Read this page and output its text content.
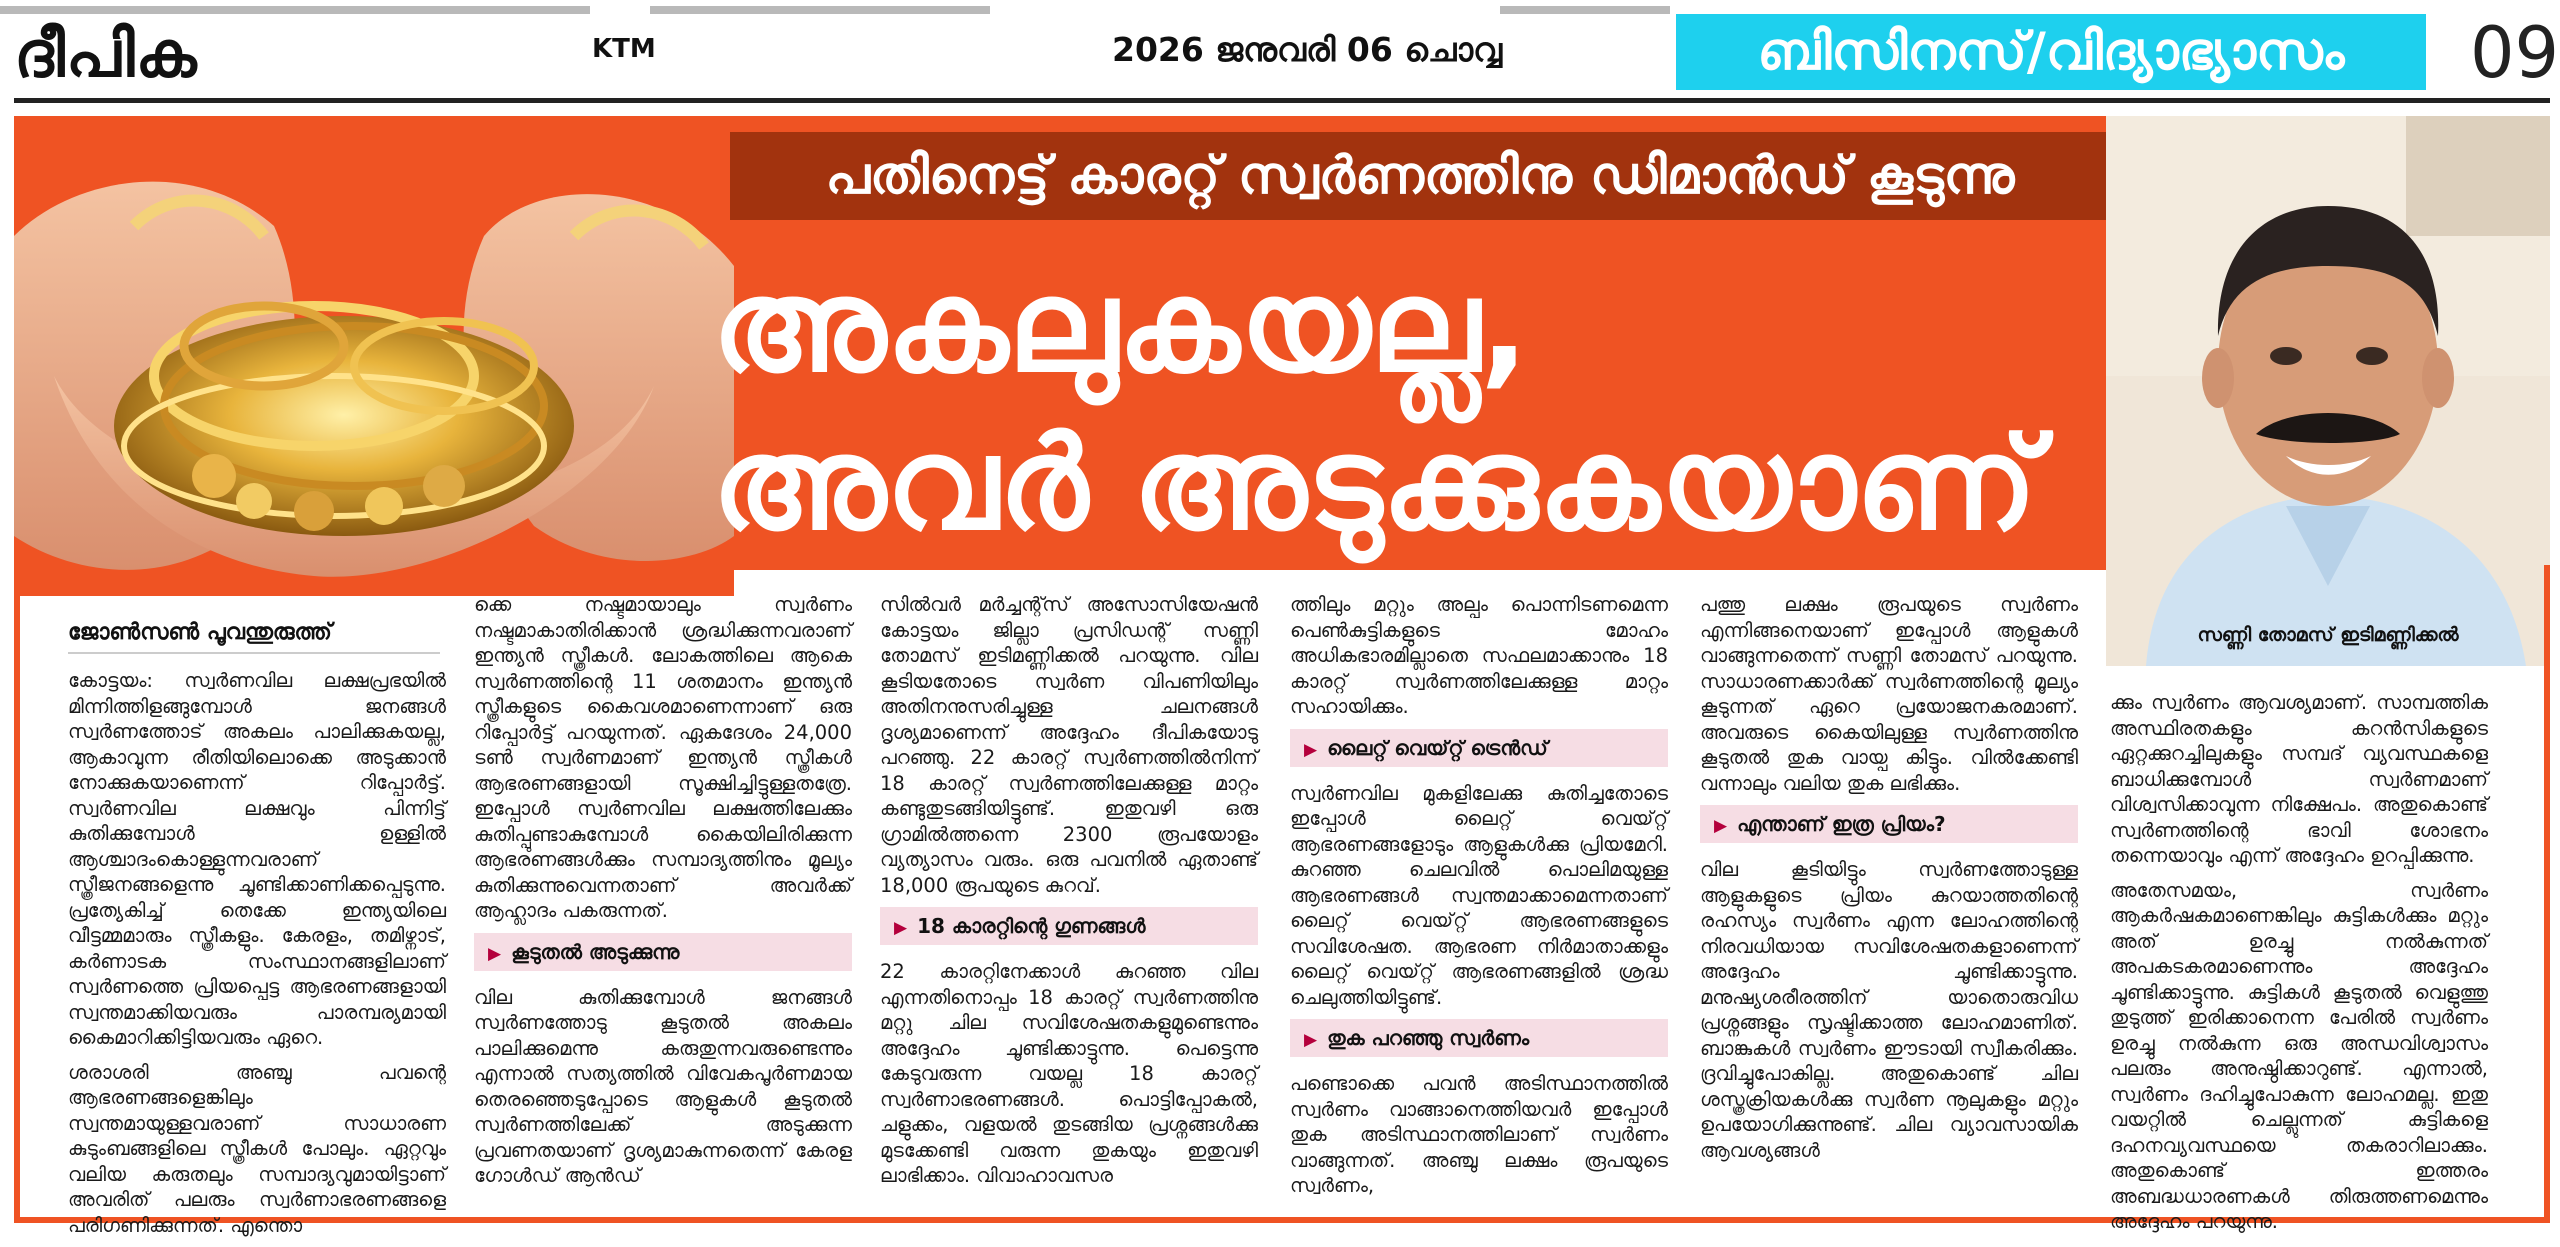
ദീപിക	KTM	2026 ജനുവരി 06 ചൊവ്വ	ബിസിനസ്/വിദ്യാഭ്യാസം	09
പതിനെട്ട് കാരറ്റ് സ്വർണത്തിനു ഡിമാൻഡ് കൂടുന്നു
അകലുകയല്ല,
അവർ അടുക്കുകയാണ്
സണ്ണി തോമസ് ഇടിമണ്ണിക്കൽ
ജോൺസൺ പൂവന്തുരുത്ത്

കോട്ടയം: സ്വർണവില ലക്ഷപ്രഭയിൽ മിന്നിത്തിളങ്ങുമ്പോൾ ജനങ്ങൾ സ്വർണത്തോട് അകലം പാലിക്കുകയല്ല, ആകാവുന്ന രീതിയിലൊക്കെ അടുക്കാൻ നോക്കുകയാണെന്ന് റിപ്പോർട്ട്. സ്വർണവില ലക്ഷവും പിന്നിട്ട് കുതിക്കുമ്പോൾ ഉള്ളിൽ ആശ്ചാദംകൊള്ളുന്നവരാണ് സ്ത്രീജനങ്ങളെന്നു ചൂണ്ടിക്കാണിക്കപ്പെടുന്നു. പ്രത്യേകിച്ച് തെക്കേ ഇന്ത്യയിലെ വീട്ടമ്മമാരും സ്ത്രീകളും. കേരളം, തമിഴ്നാട്, കർണാടക സംസ്ഥാനങ്ങളിലാണ് സ്വർണത്തെ പ്രിയപ്പെട്ട ആഭരണങ്ങളായി സ്വന്തമാക്കിയവരും പാരമ്പര്യമായി കൈമാറിക്കിട്ടിയവരും ഏറെ.

ശരാശരി അഞ്ചു പവന്റെ ആഭരണങ്ങളെങ്കിലും സ്വന്തമായുള്ളവരാണ് സാധാരണ കുടുംബങ്ങളിലെ സ്ത്രീകൾ പോലും. ഏറ്റവും വലിയ കരുതലും സമ്പാദ്യവുമായിട്ടാണ് അവരിത് പലരും സ്വർണാഭരണങ്ങളെ പരിഗണിക്കുന്നത്. എന്തൊ

ക്കെ നഷ്ടമായാലും സ്വർണം നഷ്ടമാകാതിരിക്കാൻ ശ്രദ്ധിക്കുന്നവരാണ് ഇന്ത്യൻ സ്ത്രീകൾ. ലോകത്തിലെ ആകെ സ്വർണത്തിന്റെ 11 ശതമാനം ഇന്ത്യൻ സ്ത്രീകളുടെ കൈവശമാണെന്നാണ് ഒരു റിപ്പോർട്ട് പറയുന്നത്. ഏകദേശം 24,000 ടൺ സ്വർണമാണ് ഇന്ത്യൻ സ്ത്രീകൾ ആഭരണങ്ങളായി സൂക്ഷിച്ചിട്ടുള്ളതത്രേ. ഇപ്പോൾ സ്വർണവില ലക്ഷത്തിലേക്കും കുതിപ്പുണ്ടാകുമ്പോൾ കൈയിലിരിക്കുന്ന ആഭരണങ്ങൾക്കും സമ്പാദ്യത്തിനും മൂല്യം കുതിക്കുന്നുവെന്നതാണ് അവർക്ക് ആഹ്ലാദം പകരുന്നത്.

▶ കൂടുതൽ അടുക്കുന്നു

വില കുതിക്കുമ്പോൾ ജനങ്ങൾ സ്വർണത്തോടു കൂടുതൽ അകലം പാലിക്കുമെന്നു കരുതുന്നവരുണ്ടെന്നും എന്നാൽ സത്യത്തിൽ വിവേകപൂർണമായ തെരഞ്ഞെടുപ്പോടെ ആളുകൾ കൂടുതൽ സ്വർണത്തിലേക്ക് അടുക്കുന്ന പ്രവണതയാണ് ദൃശ്യമാകുന്നതെന്ന് കേരള ഗോൾഡ് ആൻഡ്

സിൽവർ മർച്ചന്റ്സ് അസോസിയേഷൻ കോട്ടയം ജില്ലാ പ്രസിഡന്റ് സണ്ണി തോമസ് ഇടിമണ്ണിക്കൽ പറയുന്നു. വില കൂടിയതോടെ സ്വർണ വിപണിയിലും അതിനനുസരിച്ചുള്ള ചലനങ്ങൾ ദൃശ്യമാണെന്ന് അദ്ദേഹം ദീപികയോടു പറഞ്ഞു. 22 കാരറ്റ് സ്വർണത്തിൽനിന്ന് 18 കാരറ്റ് സ്വർണത്തിലേക്കുള്ള മാറ്റം കണ്ടുതുടങ്ങിയിട്ടുണ്ട്. ഇതുവഴി ഒരു ഗ്രാമിൽത്തന്നെ 2300 രൂപയോളം വ്യത്യാസം വരും. ഒരു പവനിൽ ഏതാണ്ട് 18,000 രൂപയുടെ കുറവ്.

▶ 18 കാരറ്റിന്റെ ഗുണങ്ങൾ

22 കാരറ്റിനേക്കാൾ കുറഞ്ഞ വില എന്നതിനൊപ്പം 18 കാരറ്റ് സ്വർണത്തിനു മറ്റു ചില സവിശേഷതകളുമുണ്ടെന്നും അദ്ദേഹം ചൂണ്ടിക്കാട്ടുന്നു. പെട്ടെന്നു കേടുവരുന്ന വയല്ല 18 കാരറ്റ് സ്വർണാഭരണങ്ങൾ. പൊട്ടിപ്പോകൽ, ചളുക്കം, വളയൽ തുടങ്ങിയ പ്രശ്നങ്ങൾക്കു മുടക്കേണ്ടി വരുന്ന തുകയും ഇതുവഴി ലാഭിക്കാം. വിവാഹാവസര

ത്തിലും മറ്റും അല്പം പൊന്നിടണമെന്ന പെൺകുട്ടികളുടെ മോഹം അധികഭാരമില്ലാതെ സഫലമാക്കാനും 18 കാരറ്റ് സ്വർണത്തിലേക്കുള്ള മാറ്റം സഹായിക്കും.

▶ ലൈറ്റ് വെയ്റ്റ് ട്രെൻഡ്

സ്വർണവില മുകളിലേക്കു കുതിച്ചതോടെ ഇപ്പോൾ ലൈറ്റ് വെയ്റ്റ് ആഭരണങ്ങളോടും ആളുകൾക്കു പ്രിയമേറി. കുറഞ്ഞ ചെലവിൽ പൊലിമയുള്ള ആഭരണങ്ങൾ സ്വന്തമാക്കാമെന്നതാണ് ലൈറ്റ് വെയ്റ്റ് ആഭരണങ്ങളുടെ സവിശേഷത. ആഭരണ നിർമാതാക്കളും ലൈറ്റ് വെയ്റ്റ് ആഭരണങ്ങളിൽ ശ്രദ്ധ ചെലുത്തിയിട്ടുണ്ട്.

▶ തുക പറഞ്ഞു സ്വർണം

പണ്ടൊക്കെ പവൻ അടിസ്ഥാനത്തിൽ സ്വർണം വാങ്ങാനെത്തിയവർ ഇപ്പോൾ തുക അടിസ്ഥാനത്തിലാണ് സ്വർണം വാങ്ങുന്നത്. അഞ്ചു ലക്ഷം രൂപയുടെ സ്വർണം,

പത്തു ലക്ഷം രൂപയുടെ സ്വർണം എന്നിങ്ങനെയാണ് ഇപ്പോൾ ആളുകൾ വാങ്ങുന്നതെന്ന് സണ്ണി തോമസ് പറയുന്നു. സാധാരണക്കാർക്ക് സ്വർണത്തിന്റെ മൂല്യം കൂടുന്നത് ഏറെ പ്രയോജനകരമാണ്. അവരുടെ കൈയിലുള്ള സ്വർണത്തിനു കൂടുതൽ തുക വായ്പ കിട്ടും. വിൽക്കേണ്ടി വന്നാലും വലിയ തുക ലഭിക്കും.

▶ എന്താണ് ഇത്ര പ്രിയം?

വില കൂടിയിട്ടും സ്വർണത്തോടുള്ള ആളുകളുടെ പ്രിയം കുറയാത്തതിന്റെ രഹസ്യം സ്വർണം എന്ന ലോഹത്തിന്റെ നിരവധിയായ സവിശേഷതകളാണെന്ന് അദ്ദേഹം ചൂണ്ടിക്കാട്ടുന്നു. മനുഷ്യശരീരത്തിന് യാതൊരുവിധ പ്രശ്നങ്ങളും സൃഷ്ടിക്കാത്ത ലോഹമാണിത്. ബാങ്കുകൾ സ്വർണം ഈടായി സ്വീകരിക്കും. ദ്രവിച്ചുപോകില്ല. അതുകൊണ്ട് ചില ശസ്ത്രക്രിയകൾക്കു സ്വർണ നൂലുകളും മറ്റും ഉപയോഗിക്കുന്നുണ്ട്. ചില വ്യാവസായിക ആവശ്യങ്ങൾ

ക്കും സ്വർണം ആവശ്യമാണ്. സാമ്പത്തിക അസ്ഥിരതകളും കറൻസികളുടെ ഏറ്റക്കുറച്ചിലുകളും സമ്പദ് വ്യവസ്ഥകളെ ബാധിക്കുമ്പോൾ സ്വർണമാണ് വിശ്വസിക്കാവുന്ന നിക്ഷേപം. അതുകൊണ്ട് സ്വർണത്തിന്റെ ഭാവി ശോഭനം തന്നെയാവും എന്ന് അദ്ദേഹം ഉറപ്പിക്കുന്നു.

അതേസമയം, സ്വർണം ആകർഷകമാണെങ്കിലും കുട്ടികൾക്കും മറ്റും അത് ഉരച്ചു നൽകുന്നത് അപകടകരമാണെന്നും അദ്ദേഹം ചൂണ്ടിക്കാട്ടുന്നു. കുട്ടികൾ കൂടുതൽ വെളുത്തു തുടുത്ത് ഇരിക്കാനെന്ന പേരിൽ സ്വർണം ഉരച്ചു നൽകുന്ന ഒരു അന്ധവിശ്വാസം പലരും അനുഷ്ഠിക്കാറുണ്ട്. എന്നാൽ, സ്വർണം ദഹിച്ചുപോകുന്ന ലോഹമല്ല. ഇതു വയറ്റിൽ ചെല്ലുന്നത് കുട്ടികളെ ദഹനവ്യവസ്ഥയെ തകരാറിലാക്കും. അതുകൊണ്ട് ഇത്തരം അബദ്ധധാരണകൾ തിരുത്തണമെന്നും അദ്ദേഹം പറയുന്നു.
